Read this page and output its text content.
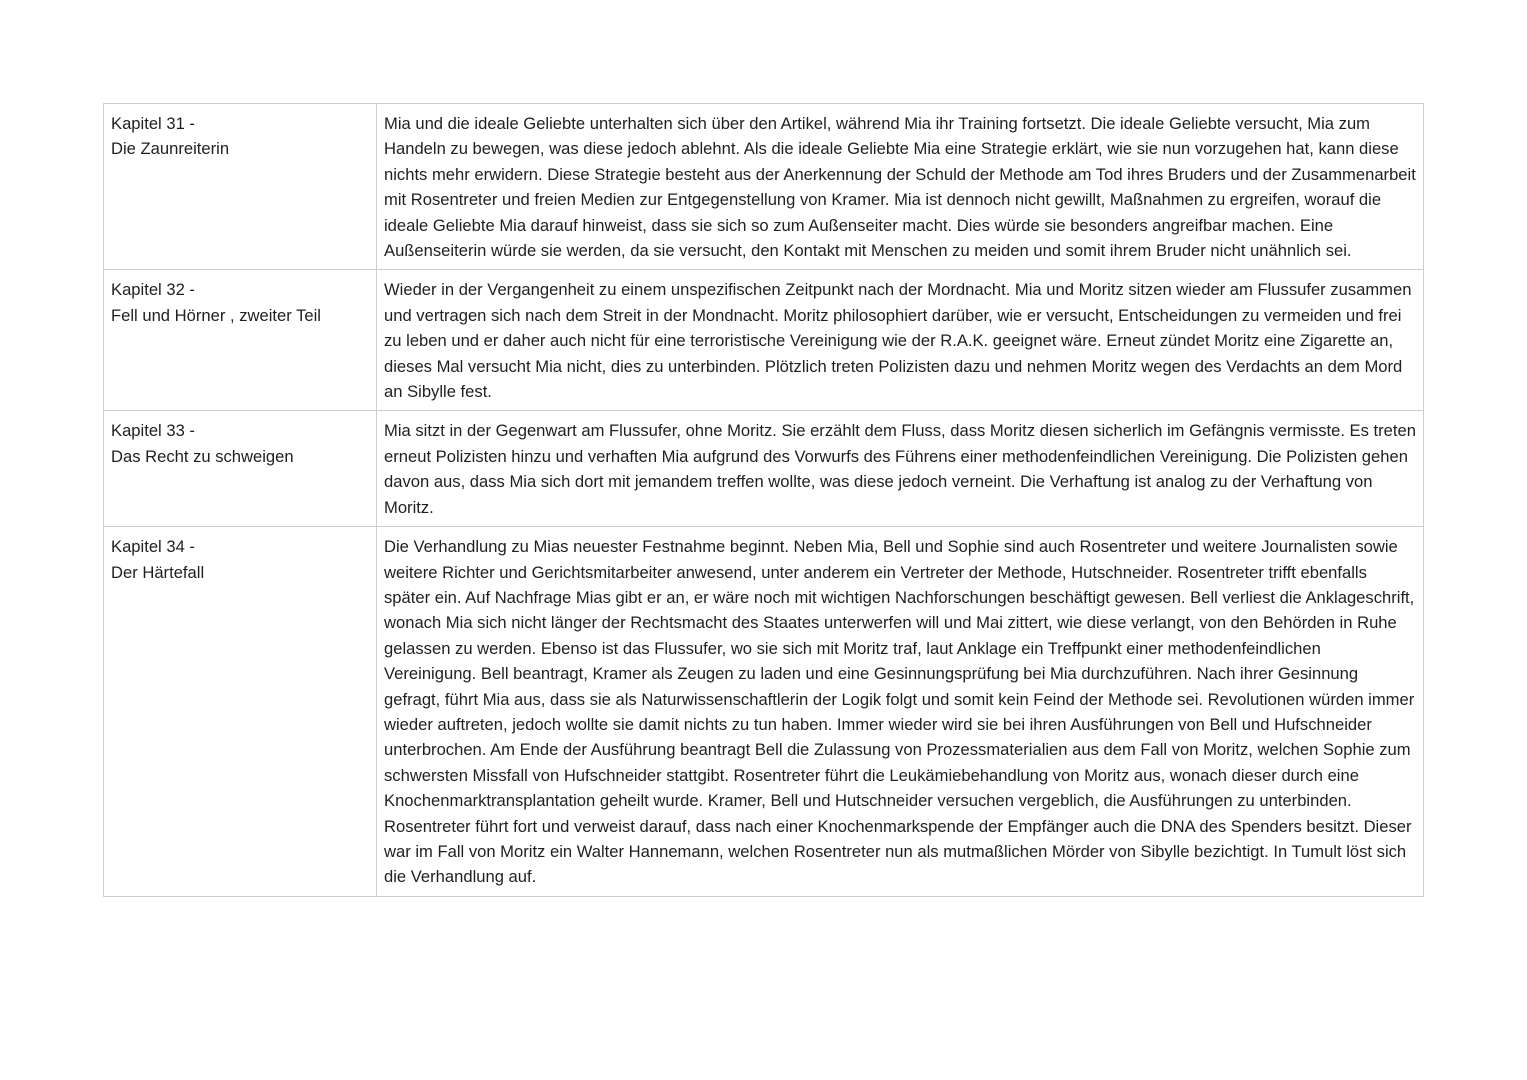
Kapitel 31 -
Die Zaunreiterin	Mia und die ideale Geliebte unterhalten sich über den Artikel, während Mia ihr Training fortsetzt. Die ideale Geliebte versucht, Mia zum Handeln zu bewegen, was diese jedoch ablehnt. Als die ideale Geliebte Mia eine Strategie erklärt, wie sie nun vorzugehen hat, kann diese nichts mehr erwidern. Diese Strategie besteht aus der Anerkennung der Schuld der Methode am Tod ihres Bruders und der Zusammenarbeit mit Rosentreter und freien Medien zur Entgegenstellung von Kramer. Mia ist dennoch nicht gewillt, Maßnahmen zu ergreifen, worauf die ideale Geliebte Mia darauf hinweist, dass sie sich so zum Außenseiter macht. Dies würde sie besonders angreifbar machen. Eine Außenseiterin würde sie werden, da sie versucht, den Kontakt mit Menschen zu meiden und somit ihrem Bruder nicht unähnlich sei.

Kapitel 32 -
Fell und Hörner , zweiter Teil	Wieder in der Vergangenheit zu einem unspezifischen Zeitpunkt nach der Mordnacht. Mia und Moritz sitzen wieder am Flussufer zusammen und vertragen sich nach dem Streit in der Mondnacht. Moritz philosophiert darüber, wie er versucht, Entscheidungen zu vermeiden und frei zu leben und er daher auch nicht für eine terroristische Vereinigung wie der R.A.K. geeignet wäre. Erneut zündet Moritz eine Zigarette an, dieses Mal versucht Mia nicht, dies zu unterbinden. Plötzlich treten Polizisten dazu und nehmen Moritz wegen des Verdachts an dem Mord an Sibylle fest.

Kapitel 33 -
Das Recht zu schweigen	Mia sitzt in der Gegenwart am Flussufer, ohne Moritz. Sie erzählt dem Fluss, dass Moritz diesen sicherlich im Gefängnis vermisste. Es treten erneut Polizisten hinzu und verhaften Mia aufgrund des Vorwurfs des Führens einer methodenfeindlichen Vereinigung. Die Polizisten gehen davon aus, dass Mia sich dort mit jemandem treffen wollte, was diese jedoch verneint. Die Verhaftung ist analog zu der Verhaftung von Moritz.

Kapitel 34 -
Der Härtefall	Die Verhandlung zu Mias neuester Festnahme beginnt. Neben Mia, Bell und Sophie sind auch Rosentreter und weitere Journalisten sowie weitere Richter und Gerichtsmitarbeiter anwesend, unter anderem ein Vertreter der Methode, Hutschneider. Rosentreter trifft ebenfalls später ein. Auf Nachfrage Mias gibt er an, er wäre noch mit wichtigen Nachforschungen beschäftigt gewesen. Bell verliest die Anklageschrift, wonach Mia sich nicht länger der Rechtsmacht des Staates unterwerfen will und Mai zittert, wie diese verlangt, von den Behörden in Ruhe gelassen zu werden. Ebenso ist das Flussufer, wo sie sich mit Moritz traf, laut Anklage ein Treffpunkt einer methodenfeindlichen Vereinigung. Bell beantragt, Kramer als Zeugen zu laden und eine Gesinnungsprüfung bei Mia durchzuführen. Nach ihrer Gesinnung gefragt, führt Mia aus, dass sie als Naturwissenschaftlerin der Logik folgt und somit kein Feind der Methode sei. Revolutionen würden immer wieder auftreten, jedoch wollte sie damit nichts zu tun haben. Immer wieder wird sie bei ihren Ausführungen von Bell und Hufschneider unterbrochen. Am Ende der Ausführung beantragt Bell die Zulassung von Prozessmaterialien aus dem Fall von Moritz, welchen Sophie zum schwersten Missfall von Hufschneider stattgibt. Rosentreter führt die Leukämiebehandlung von Moritz aus, wonach dieser durch eine Knochenmarktransplantation geheilt wurde. Kramer, Bell und Hutschneider versuchen vergeblich, die Ausführungen zu unterbinden. Rosentreter führt fort und verweist darauf, dass nach einer Knochenmarkspende der Empfänger auch die DNA des Spenders besitzt. Dieser war im Fall von Moritz ein Walter Hannemann, welchen Rosentreter nun als mutmaßlichen Mörder von Sibylle bezichtigt. In Tumult löst sich die Verhandlung auf.
